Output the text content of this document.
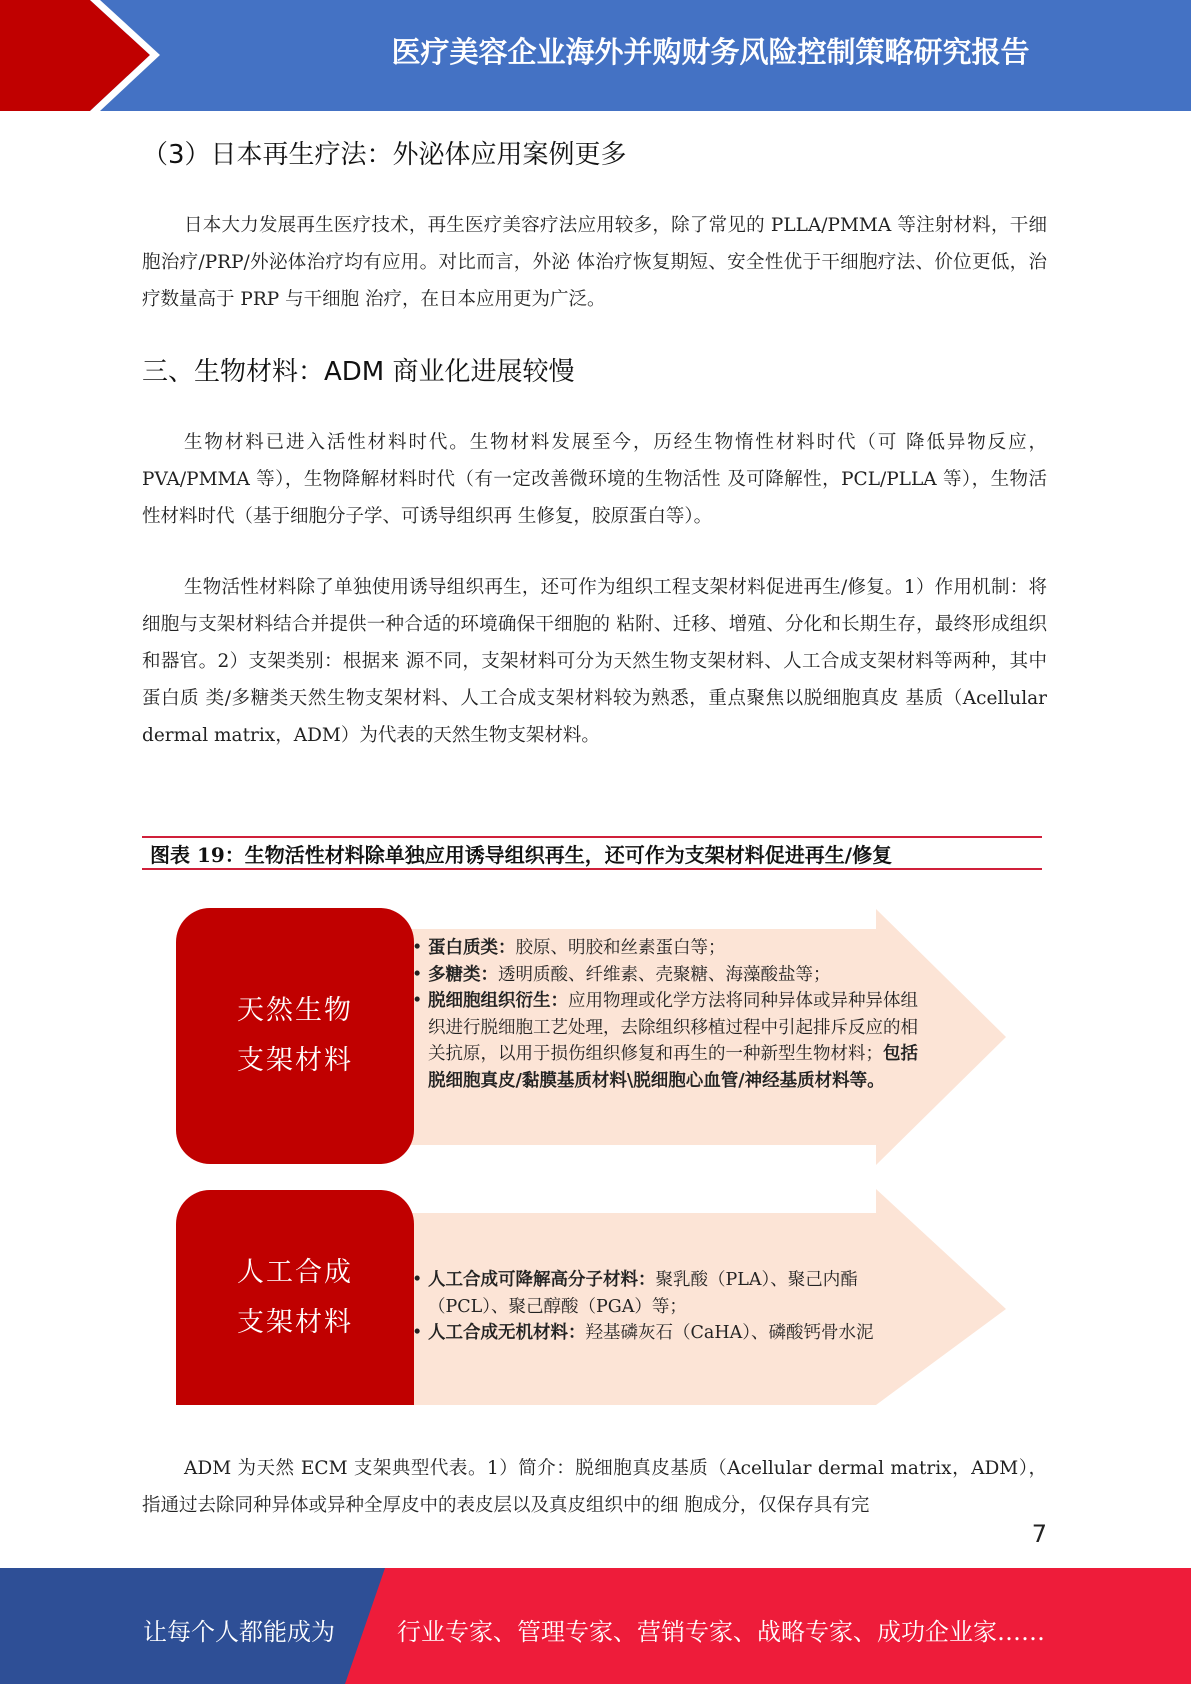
医疗美容企业海外并购财务风险控制策略研究报告
（3）日本再生疗法：外泌体应用案例更多

日本大力发展再生医疗技术，再生医疗美容疗法应用较多，除了常见的 PLLA/PMMA 等注射材料，干细胞治疗/PRP/外泌体治疗均有应用。对比而言，外泌 体治疗恢复期短、安全性优于干细胞疗法、价位更低，治疗数量高于 PRP 与干细胞 治疗，在日本应用更为广泛。

三、生物材料：ADM 商业化进展较慢

生物材料已进入活性材料时代。生物材料发展至今，历经生物惰性材料时代（可 降低异物反应，PVA/PMMA 等），生物降解材料时代（有一定改善微环境的生物活性 及可降解性，PCL/PLLA 等），生物活性材料时代（基于细胞分子学、可诱导组织再 生修复，胶原蛋白等）。

生物活性材料除了单独使用诱导组织再生，还可作为组织工程支架材料促进再生/修复。1）作用机制：将细胞与支架材料结合并提供一种合适的环境确保干细胞的 粘附、迁移、增殖、分化和长期生存，最终形成组织和器官。2）支架类别：根据来 源不同，支架材料可分为天然生物支架材料、人工合成支架材料等两种，其中蛋白质 类/多糖类天然生物支架材料、人工合成支架材料较为熟悉，重点聚焦以脱细胞真皮 基质（Acellular dermal matrix，ADM）为代表的天然生物支架材料。

图表 19：生物活性材料除单独应用诱导组织再生，还可作为支架材料促进再生/修复
天然生物
支架材料
• 蛋白质类：胶原、明胶和丝素蛋白等；
• 多糖类：透明质酸、纤维素、壳聚糖、海藻酸盐等；
• 脱细胞组织衍生：应用物理或化学方法将同种异体或异种异体组织进行脱细胞工艺处理，去除组织移植过程中引起排斥反应的相关抗原，以用于损伤组织修复和再生的一种新型生物材料；包括脱细胞真皮/黏膜基质材料\脱细胞心血管/神经基质材料等。
人工合成
支架材料
• 人工合成可降解高分子材料：聚乳酸（PLA）、聚己内酯（PCL）、聚己醇酸（PGA）等；
• 人工合成无机材料：羟基磷灰石（CaHA）、磷酸钙骨水泥

ADM 为天然 ECM 支架典型代表。1）简介：脱细胞真皮基质（Acellular dermal matrix，ADM），指通过去除同种异体或异种全厚皮中的表皮层以及真皮组织中的细 胞成分，仅保存具有完

7
让每个人都能成为	行业专家、管理专家、营销专家、战略专家、成功企业家……
